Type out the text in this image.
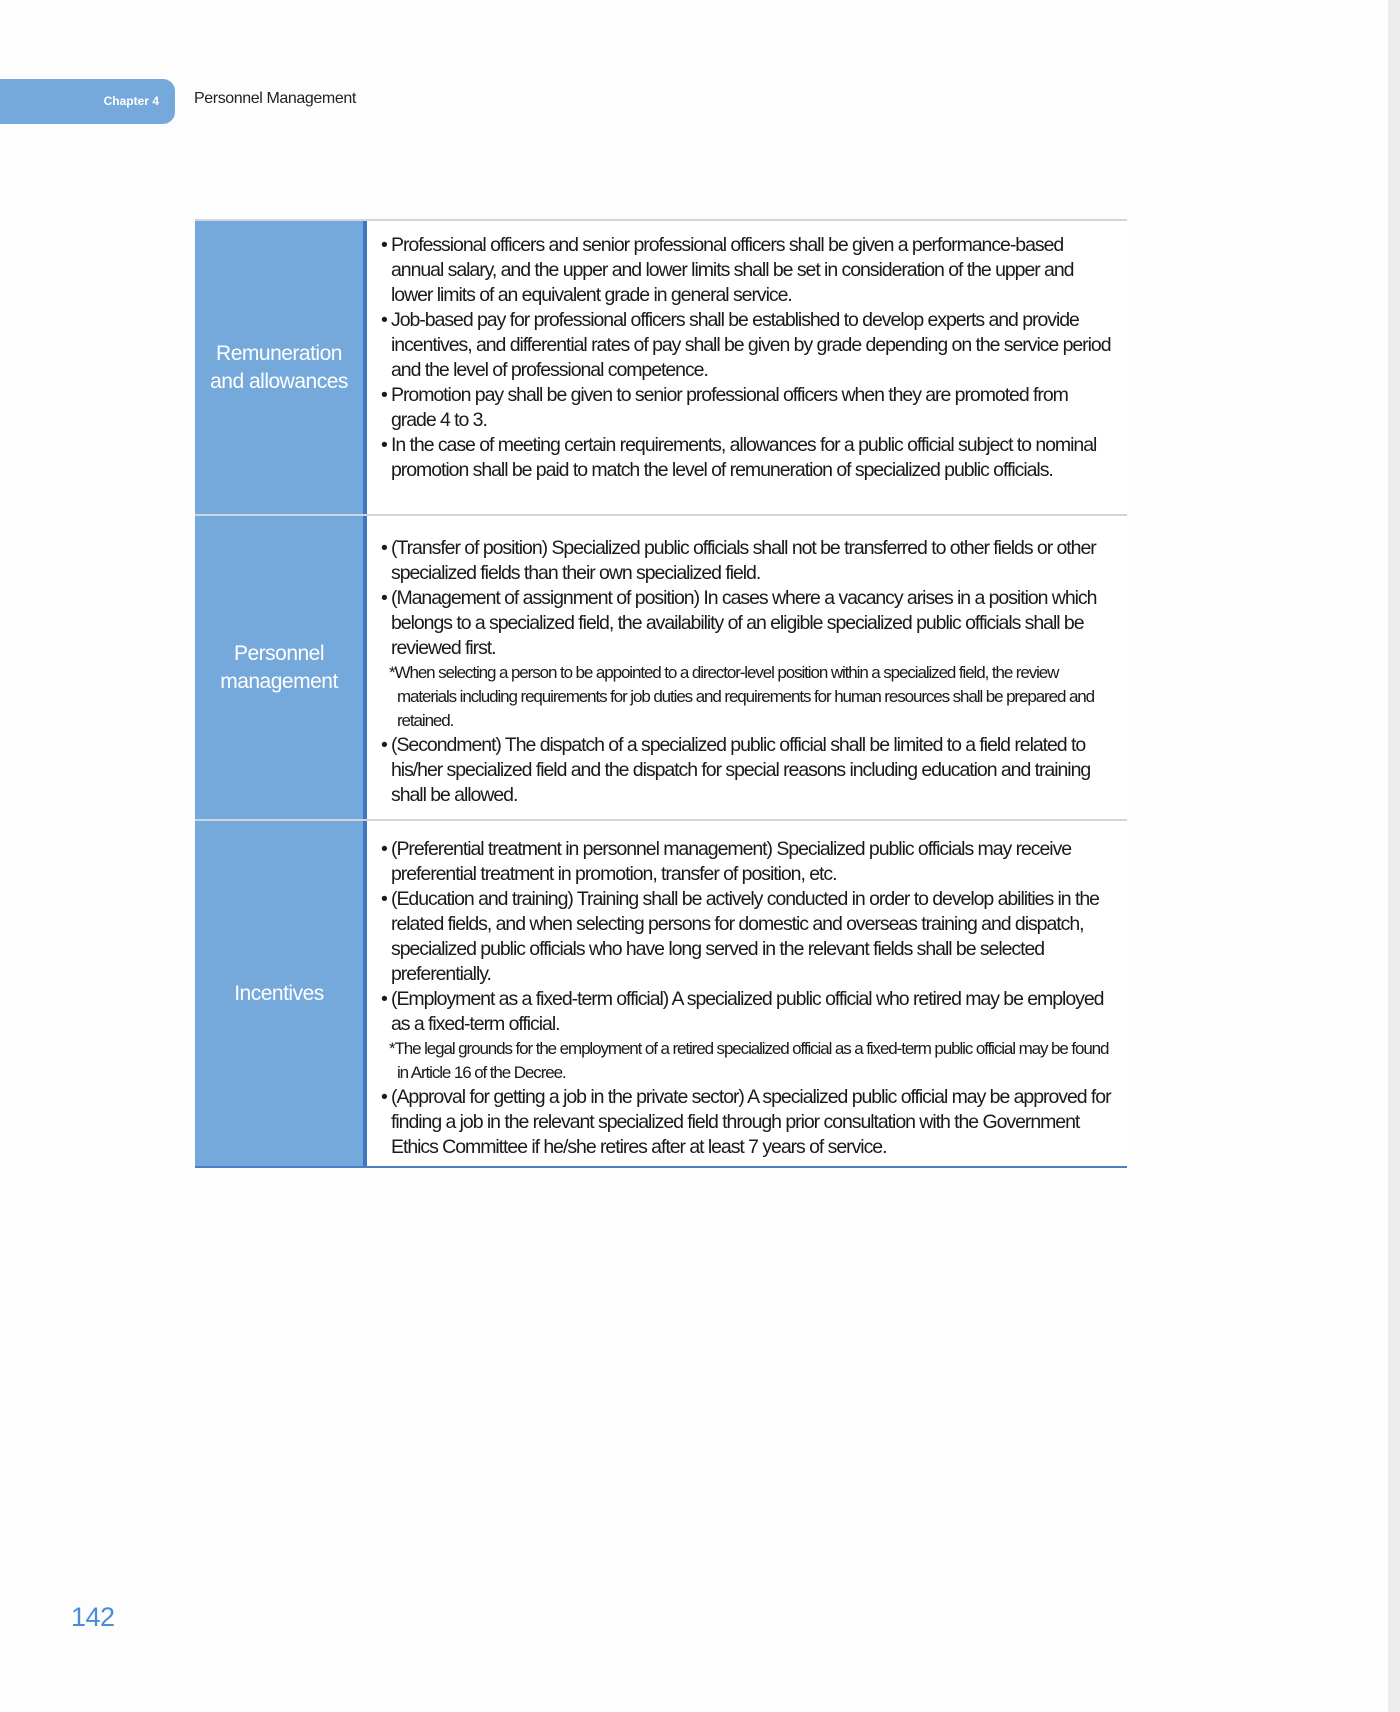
Chapter 4	Personnel Management
Remuneration and allowances

• Professional officers and senior professional officers shall be given a performance-based annual salary, and the upper and lower limits shall be set in consideration of the upper and lower limits of an equivalent grade in general service.

• Job-based pay for professional officers shall be established to develop experts and provide incentives, and differential rates of pay shall be given by grade depending on the service period and the level of professional competence.

• Promotion pay shall be given to senior professional officers when they are promoted from grade 4 to 3.

• In the case of meeting certain requirements, allowances for a public official subject to nominal promotion shall be paid to match the level of remuneration of specialized public officials.

Personnel management

• (Transfer of position) Specialized public officials shall not be transferred to other fields or other specialized fields than their own specialized field.

• (Management of assignment of position) In cases where a vacancy arises in a position which belongs to a specialized field, the availability of an eligible specialized public officials shall be reviewed first.

*When selecting a person to be appointed to a director-level position within a specialized field, the review materials including requirements for job duties and requirements for human resources shall be prepared and retained.

• (Secondment) The dispatch of a specialized public official shall be limited to a field related to his/her specialized field and the dispatch for special reasons including education and training shall be allowed.

Incentives

• (Preferential treatment in personnel management) Specialized public officials may receive preferential treatment in promotion, transfer of position, etc.

• (Education and training) Training shall be actively conducted in order to develop abilities in the related fields, and when selecting persons for domestic and overseas training and dispatch, specialized public officials who have long served in the relevant fields shall be selected preferentially.

• (Employment as a fixed-term official) A specialized public official who retired may be employed as a fixed-term official.

*The legal grounds for the employment of a retired specialized official as a fixed-term public official may be found in Article 16 of the Decree.

• (Approval for getting a job in the private sector) A specialized public official may be approved for finding a job in the relevant specialized field through prior consultation with the Government Ethics Committee if he/she retires after at least 7 years of service.

142
